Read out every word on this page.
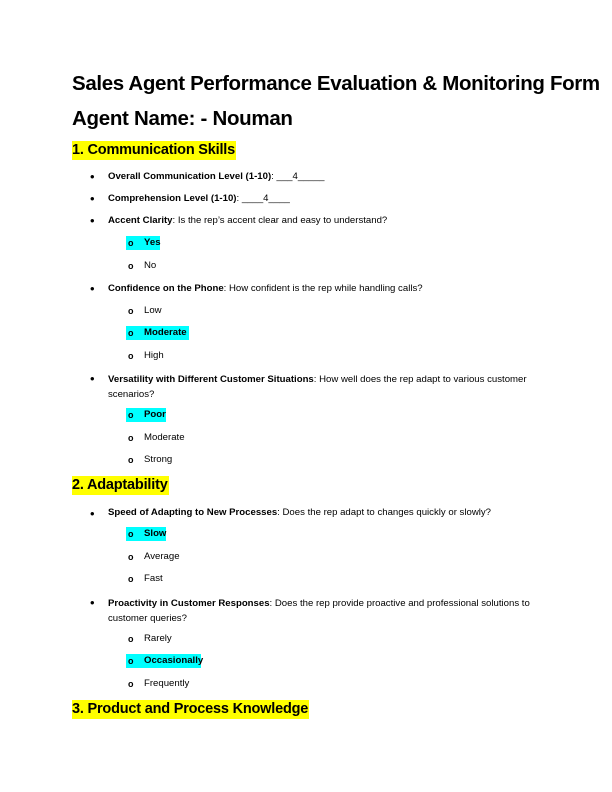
Sales Agent Performance Evaluation & Monitoring Form
Agent Name: - Nouman
1. Communication Skills
• Overall Communication Level (1-10): ___4_____
• Comprehension Level (1-10): ____4____
• Accent Clarity: Is the rep’s accent clear and easy to understand?
o Yes
o No
• Confidence on the Phone: How confident is the rep while handling calls?
o Low
o Moderate
o High
• Versatility with Different Customer Situations: How well does the rep adapt to various customer scenarios?
o Poor
o Moderate
o Strong
2. Adaptability
• Speed of Adapting to New Processes: Does the rep adapt to changes quickly or slowly?
o Slow
o Average
o Fast
• Proactivity in Customer Responses: Does the rep provide proactive and professional solutions to customer queries?
o Rarely
o Occasionally
o Frequently
3. Product and Process Knowledge
